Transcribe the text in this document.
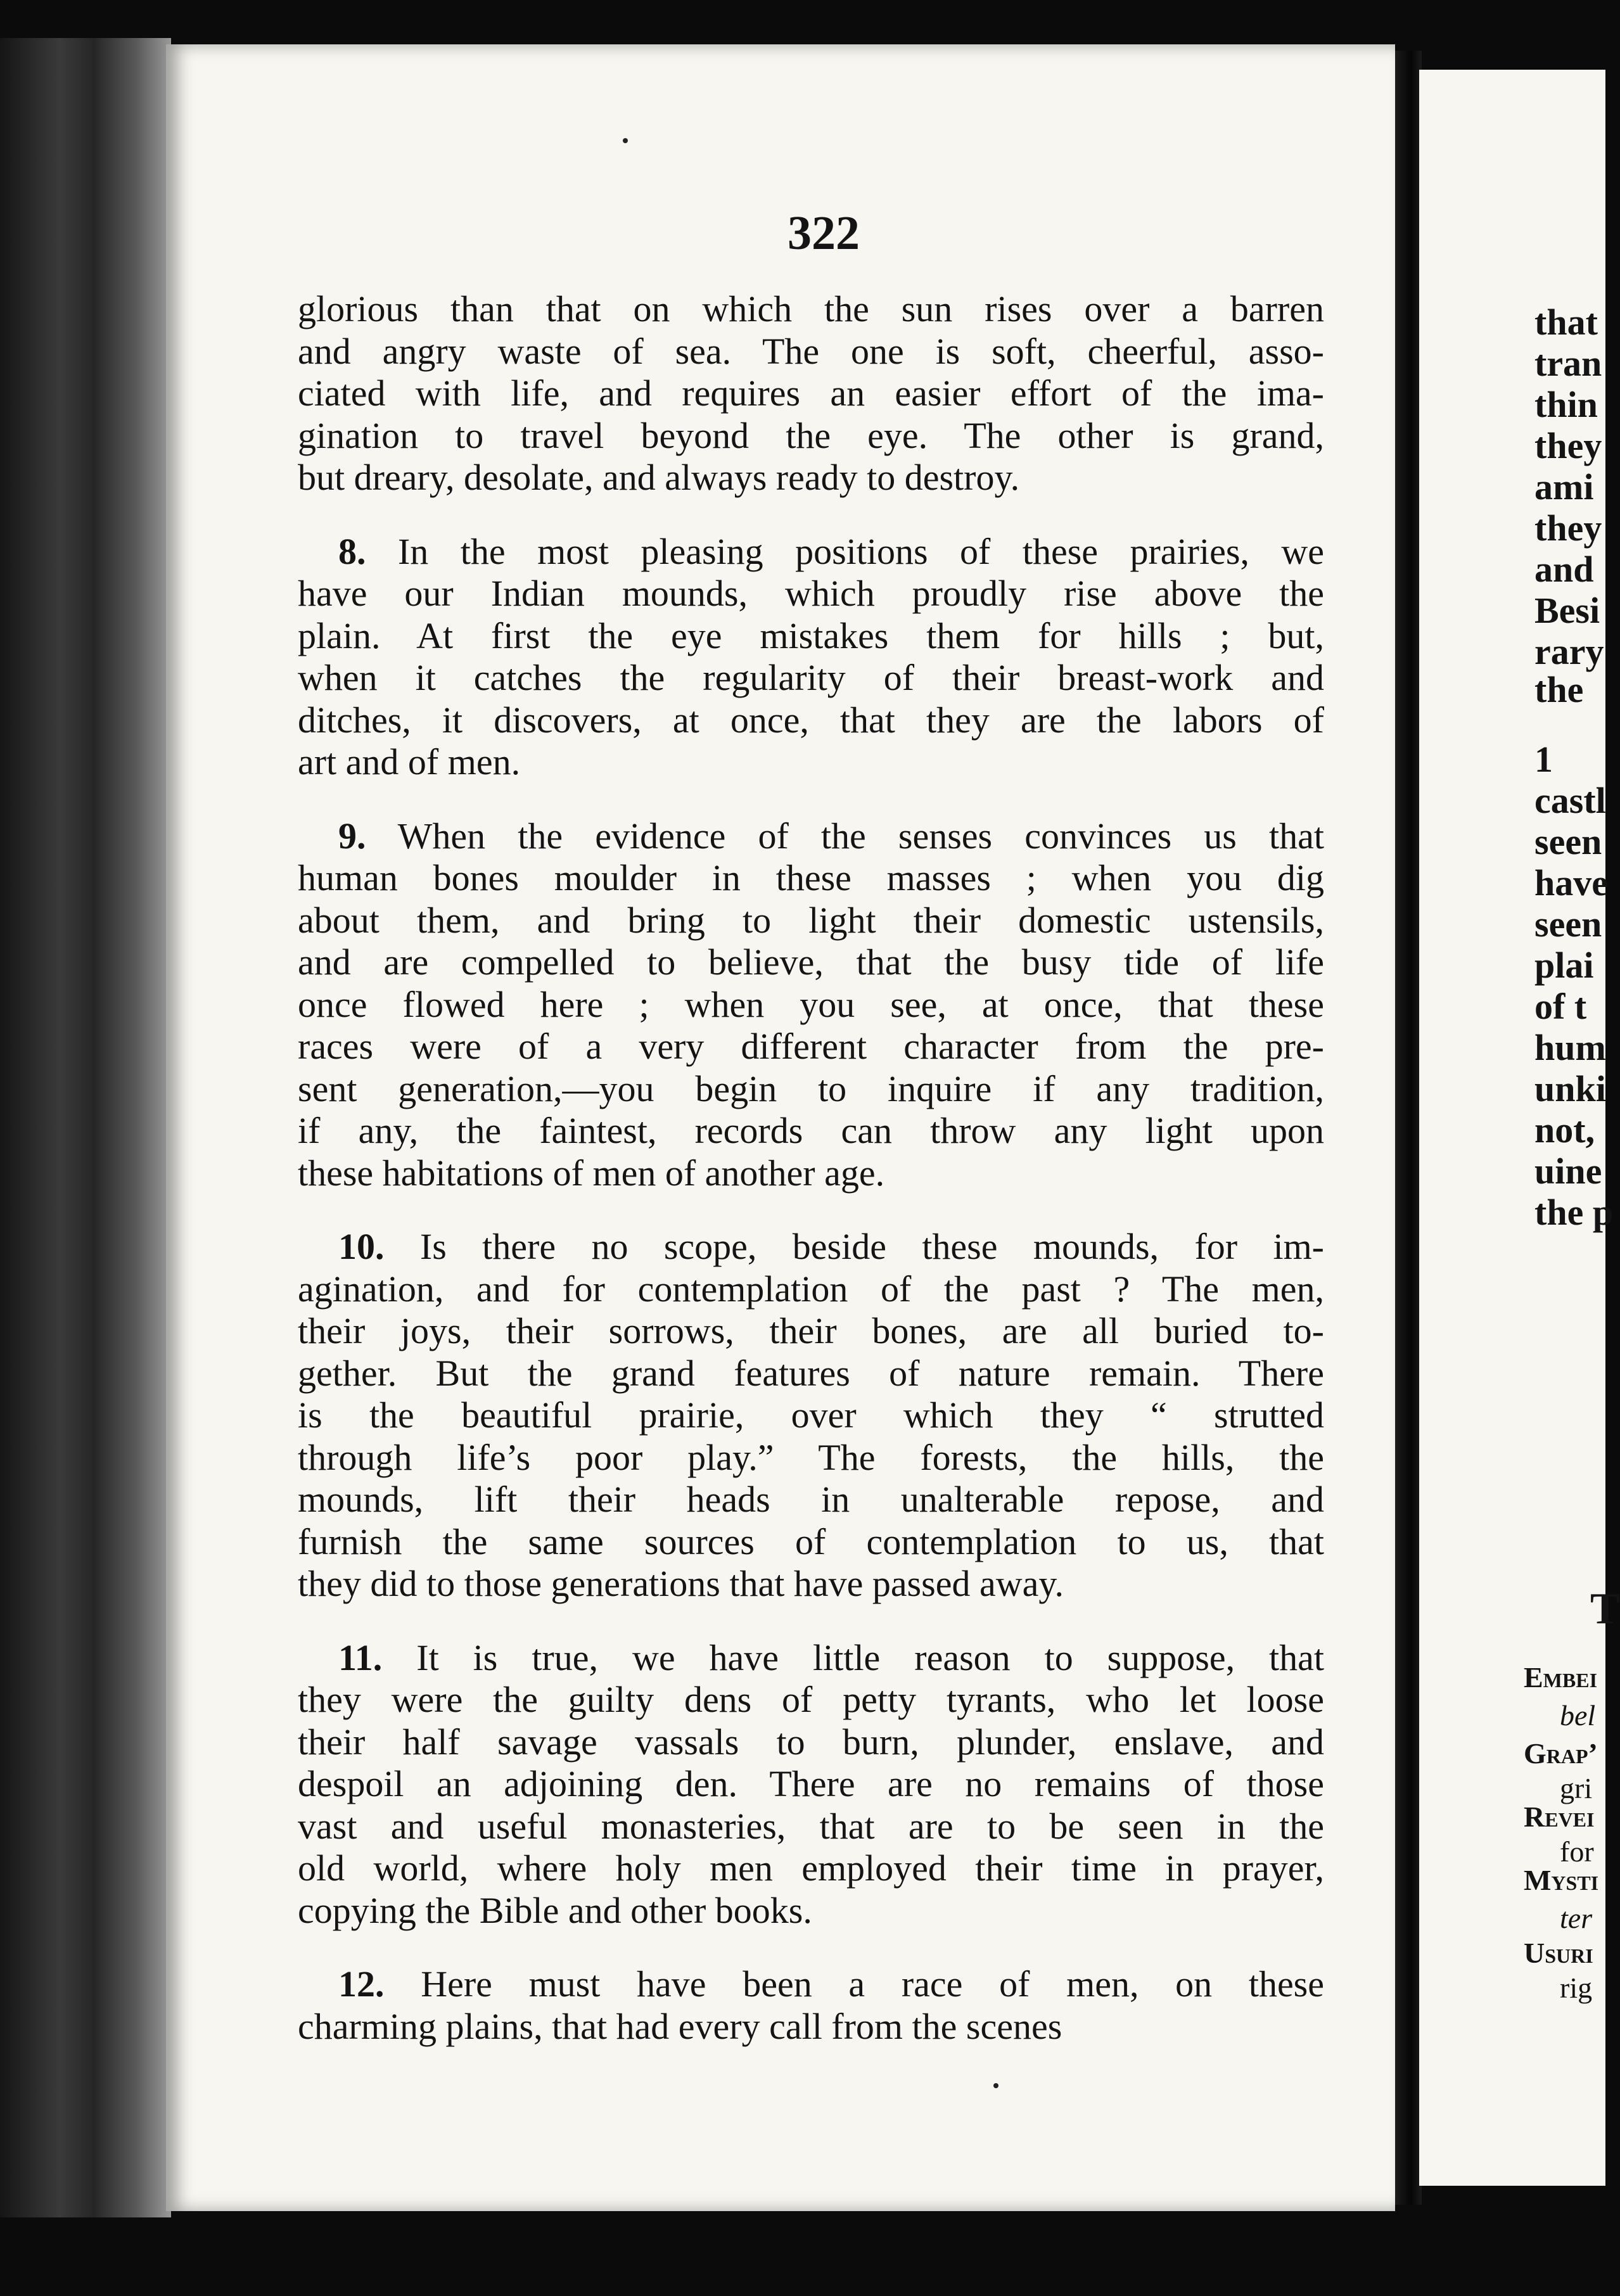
322
glorious than that on which the sun rises over a barren
and angry waste of sea. The one is soft, cheerful, asso-
ciated with life, and requires an easier effort of the ima-
gination to travel beyond the eye. The other is grand,
but dreary, desolate, and always ready to destroy.
8. In the most pleasing positions of these prairies, we
have our Indian mounds, which proudly rise above the
plain. At first the eye mistakes them for hills ; but,
when it catches the regularity of their breast-work and
ditches, it discovers, at once, that they are the labors of
art and of men.
9. When the evidence of the senses convinces us that
human bones moulder in these masses ; when you dig
about them, and bring to light their domestic ustensils,
and are compelled to believe, that the busy tide of life
once flowed here ; when you see, at once, that these
races were of a very different character from the pre-
sent generation,—you begin to inquire if any tradition,
if any, the faintest, records can throw any light upon
these habitations of men of another age.
10. Is there no scope, beside these mounds, for im-
agination, and for contemplation of the past ? The men,
their joys, their sorrows, their bones, are all buried to-
gether. But the grand features of nature remain. There
is the beautiful prairie, over which they “ strutted
through life’s poor play.” The forests, the hills, the
mounds, lift their heads in unalterable repose, and
furnish the same sources of contemplation to us, that
they did to those generations that have passed away.
11. It is true, we have little reason to suppose, that
they were the guilty dens of petty tyrants, who let loose
their half savage vassals to burn, plunder, enslave, and
despoil an adjoining den. There are no remains of those
vast and useful monasteries, that are to be seen in the
old world, where holy men employed their time in prayer,
copying the Bible and other books.
12. Here must have been a race of men, on these
charming plains, that had every call from the scenes
that
tran
thin
they
ami
they
and
Besi
rary
the
1
castl
seen
have
seen
plai
of t
hum
unki
not,
uine
the p
Embei
Grap’
Revei
Mysti
Usuri
bel
gri
for
ter
rig
T
